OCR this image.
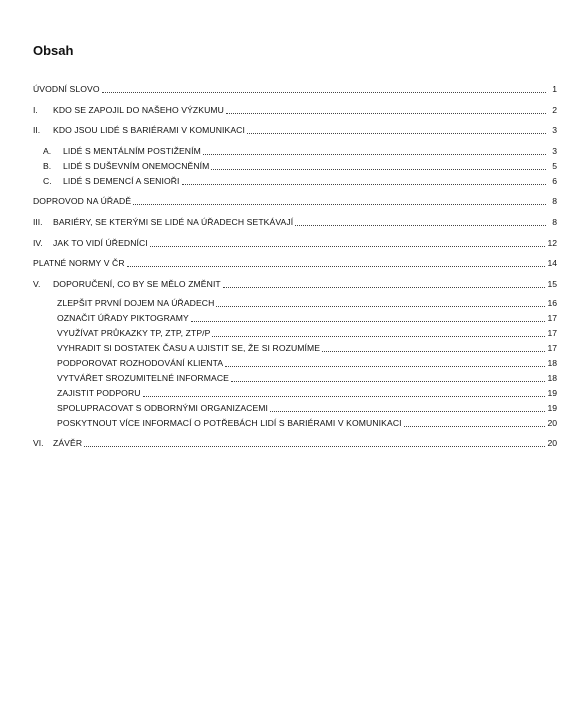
Obsah
ÚVODNÍ SLOVO	1
I.	KDO SE ZAPOJIL DO NAŠEHO VÝZKUMU	2
II.	KDO JSOU LIDÉ S BARIÉRAMI V KOMUNIKACI	3
A.	LIDÉ S MENTÁLNÍM POSTIŽENÍM	3
B.	LIDÉ S DUŠEVNÍM ONEMOCNĚNÍM	5
C.	LIDÉ S DEMENCÍ A SENIOŘI	6
DOPROVOD NA ÚŘADĚ	8
III.	BARIÉRY, SE KTERÝMI SE LIDÉ NA ÚŘADECH SETKÁVAJÍ	8
IV.	JAK TO VIDÍ ÚŘEDNÍCI	12
PLATNÉ NORMY V ČR	14
V.	DOPORUČENÍ, CO BY SE MĚLO ZMĚNIT	15
ZLEPŠIT PRVNÍ DOJEM NA ÚŘADECH	16
OZNAČIT ÚŘADY PIKTOGRAMY	17
VYUŽÍVAT PRŮKAZKY TP, ZTP, ZTP/P	17
VYHRADIT SI DOSTATEK ČASU A UJISTIT SE, ŽE SI ROZUMÍME	17
PODPOROVAT ROZHODOVÁNÍ KLIENTA	18
VYTVÁŘET SROZUMITELNÉ INFORMACE	18
ZAJISTIT PODPORU	19
SPOLUPRACOVAT S ODBORNÝMI ORGANIZACEMI	19
POSKYTNOUT VÍCE INFORMACÍ O POTŘEBÁCH LIDÍ S BARIÉRAMI V KOMUNIKACI	20
VI.	ZÁVĚR	20
